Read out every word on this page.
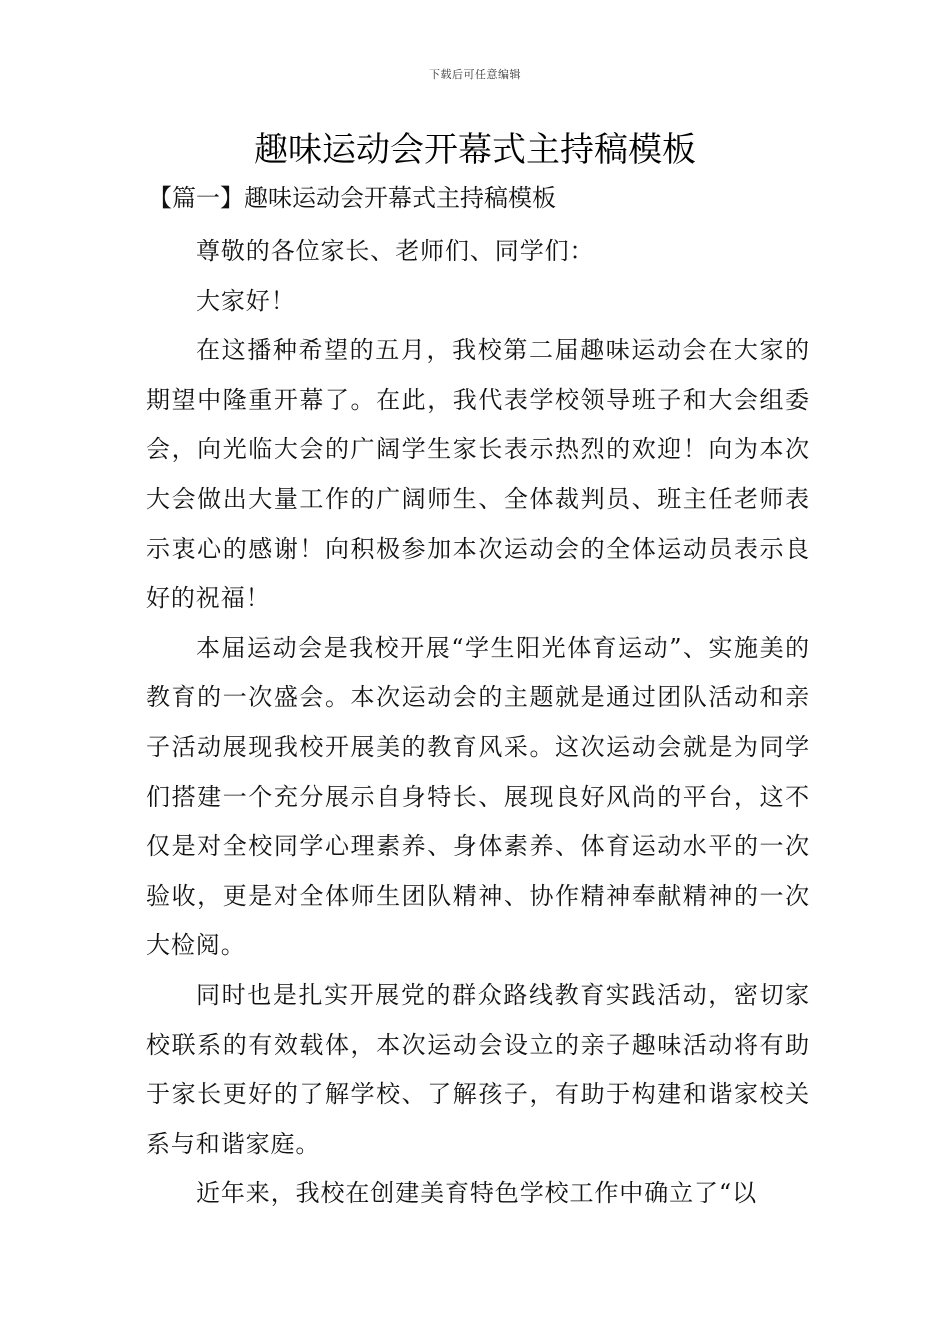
下载后可任意编辑
趣味运动会开幕式主持稿模板
【篇一】趣味运动会开幕式主持稿模板

尊敬的各位家长、老师们、同学们：

大家好！

在这播种希望的五月，我校第二届趣味运动会在大家的期望中隆重开幕了。在此，我代表学校领导班子和大会组委会，向光临大会的广阔学生家长表示热烈的欢迎！向为本次大会做出大量工作的广阔师生、全体裁判员、班主任老师表示衷心的感谢！向积极参加本次运动会的全体运动员表示良好的祝福！

本届运动会是我校开展“学生阳光体育运动”、实施美的教育的一次盛会。本次运动会的主题就是通过团队活动和亲子活动展现我校开展美的教育风采。这次运动会就是为同学们搭建一个充分展示自身特长、展现良好风尚的平台，这不仅是对全校同学心理素养、身体素养、体育运动水平的一次验收，更是对全体师生团队精神、协作精神奉献精神的一次大检阅。

同时也是扎实开展党的群众路线教育实践活动，密切家校联系的有效载体，本次运动会设立的亲子趣味活动将有助于家长更好的了解学校、了解孩子，有助于构建和谐家校关系与和谐家庭。

近年来，我校在创建美育特色学校工作中确立了“以
